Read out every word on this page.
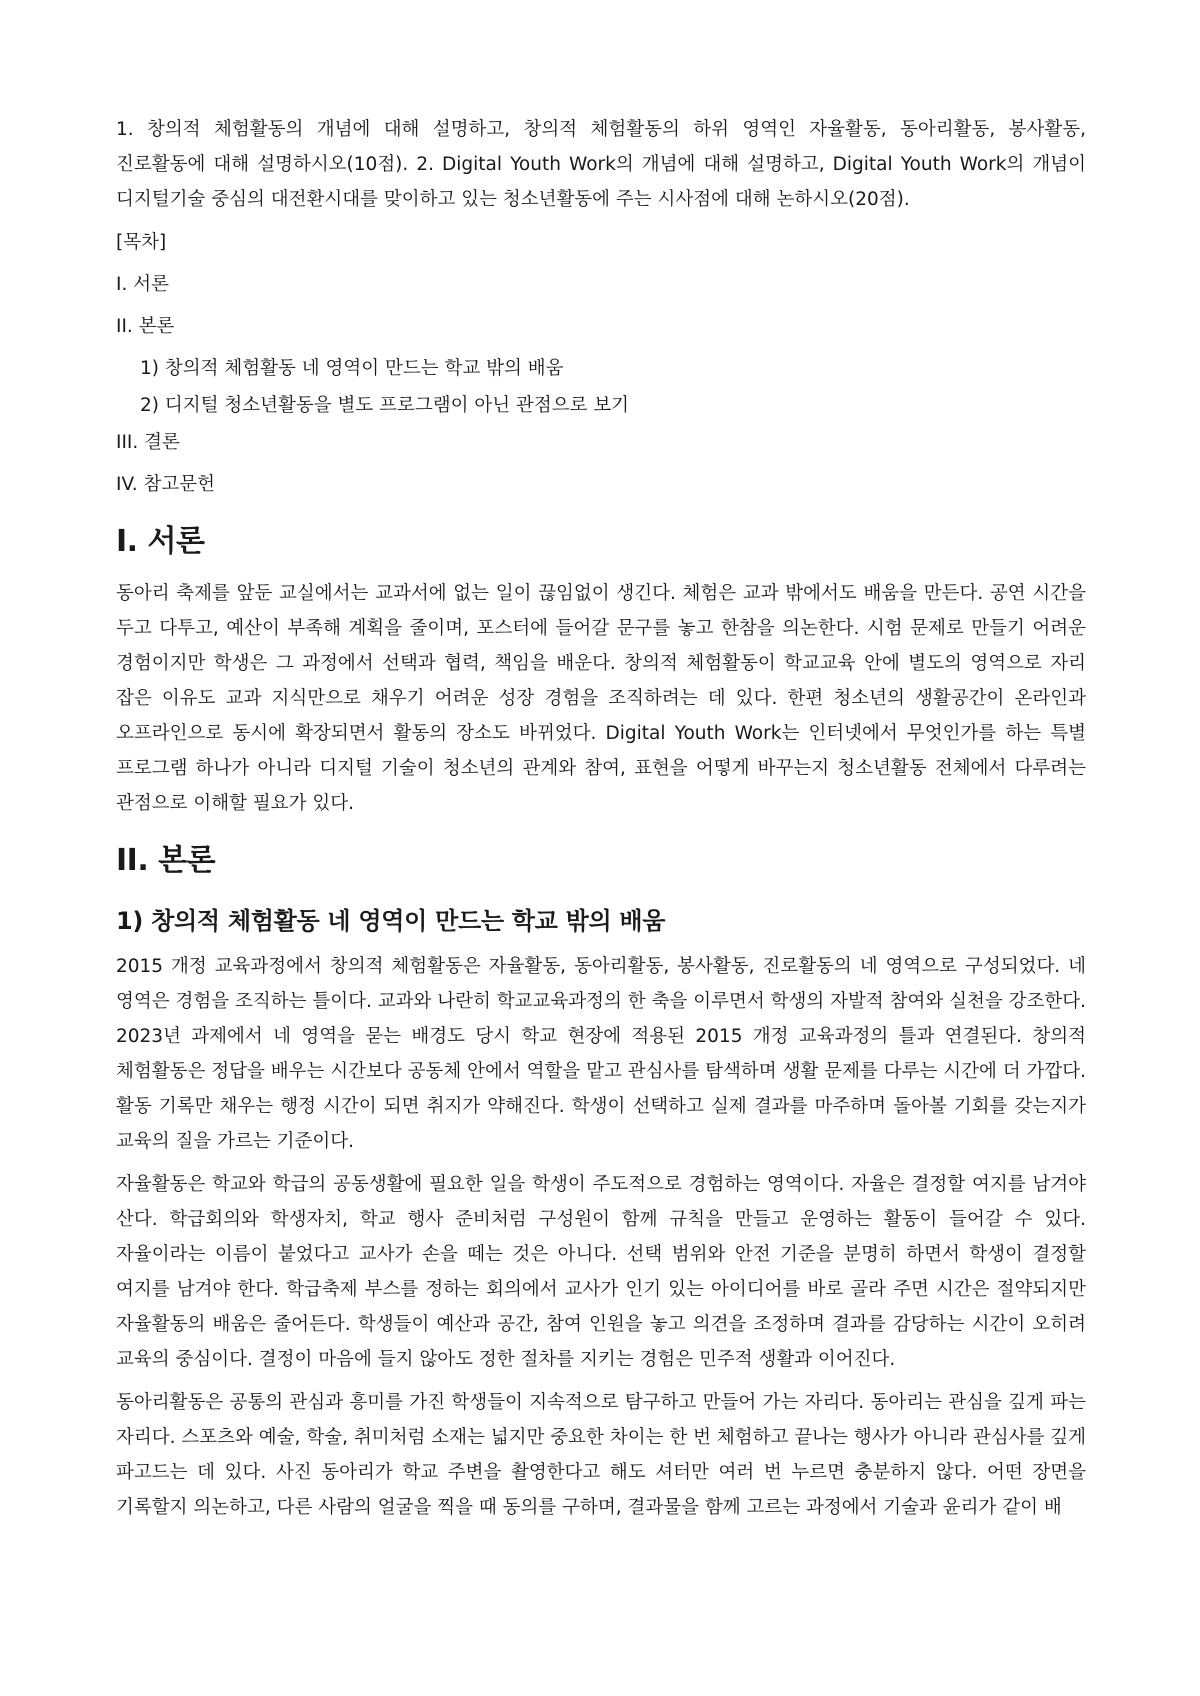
1. 창의적 체험활동의 개념에 대해 설명하고, 창의적 체험활동의 하위 영역인 자율활동, 동아리활동, 봉사활동, 진로활동에 대해 설명하시오(10점). 2. Digital Youth Work의 개념에 대해 설명하고, Digital Youth Work의 개념이 디지털기술 중심의 대전환시대를 맞이하고 있는 청소년활동에 주는 시사점에 대해 논하시오(20점).

[목차]
I. 서론
II. 본론
1) 창의적 체험활동 네 영역이 만드는 학교 밖의 배움
2) 디지털 청소년활동을 별도 프로그램이 아닌 관점으로 보기
III. 결론
IV. 참고문헌
I. 서론

동아리 축제를 앞둔 교실에서는 교과서에 없는 일이 끊임없이 생긴다. 체험은 교과 밖에서도 배움을 만든다. 공연 시간을 두고 다투고, 예산이 부족해 계획을 줄이며, 포스터에 들어갈 문구를 놓고 한참을 의논한다. 시험 문제로 만들기 어려운 경험이지만 학생은 그 과정에서 선택과 협력, 책임을 배운다. 창의적 체험활동이 학교교육 안에 별도의 영역으로 자리 잡은 이유도 교과 지식만으로 채우기 어려운 성장 경험을 조직하려는 데 있다. 한편 청소년의 생활공간이 온라인과 오프라인으로 동시에 확장되면서 활동의 장소도 바뀌었다. Digital Youth Work는 인터넷에서 무엇인가를 하는 특별 프로그램 하나가 아니라 디지털 기술이 청소년의 관계와 참여, 표현을 어떻게 바꾸는지 청소년활동 전체에서 다루려는 관점으로 이해할 필요가 있다.

II. 본론
1) 창의적 체험활동 네 영역이 만드는 학교 밖의 배움

2015 개정 교육과정에서 창의적 체험활동은 자율활동, 동아리활동, 봉사활동, 진로활동의 네 영역으로 구성되었다. 네 영역은 경험을 조직하는 틀이다. 교과와 나란히 학교교육과정의 한 축을 이루면서 학생의 자발적 참여와 실천을 강조한다. 2023년 과제에서 네 영역을 묻는 배경도 당시 학교 현장에 적용된 2015 개정 교육과정의 틀과 연결된다. 창의적 체험활동은 정답을 배우는 시간보다 공동체 안에서 역할을 맡고 관심사를 탐색하며 생활 문제를 다루는 시간에 더 가깝다. 활동 기록만 채우는 행정 시간이 되면 취지가 약해진다. 학생이 선택하고 실제 결과를 마주하며 돌아볼 기회를 갖는지가 교육의 질을 가르는 기준이다.

자율활동은 학교와 학급의 공동생활에 필요한 일을 학생이 주도적으로 경험하는 영역이다. 자율은 결정할 여지를 남겨야 산다. 학급회의와 학생자치, 학교 행사 준비처럼 구성원이 함께 규칙을 만들고 운영하는 활동이 들어갈 수 있다. 자율이라는 이름이 붙었다고 교사가 손을 떼는 것은 아니다. 선택 범위와 안전 기준을 분명히 하면서 학생이 결정할 여지를 남겨야 한다. 학급축제 부스를 정하는 회의에서 교사가 인기 있는 아이디어를 바로 골라 주면 시간은 절약되지만 자율활동의 배움은 줄어든다. 학생들이 예산과 공간, 참여 인원을 놓고 의견을 조정하며 결과를 감당하는 시간이 오히려 교육의 중심이다. 결정이 마음에 들지 않아도 정한 절차를 지키는 경험은 민주적 생활과 이어진다.

동아리활동은 공통의 관심과 흥미를 가진 학생들이 지속적으로 탐구하고 만들어 가는 자리다. 동아리는 관심을 깊게 파는 자리다. 스포츠와 예술, 학술, 취미처럼 소재는 넓지만 중요한 차이는 한 번 체험하고 끝나는 행사가 아니라 관심사를 깊게 파고드는 데 있다. 사진 동아리가 학교 주변을 촬영한다고 해도 셔터만 여러 번 누르면 충분하지 않다. 어떤 장면을 기록할지 의논하고, 다른 사람의 얼굴을 찍을 때 동의를 구하며, 결과물을 함께 고르는 과정에서 기술과 윤리가 같이 배
